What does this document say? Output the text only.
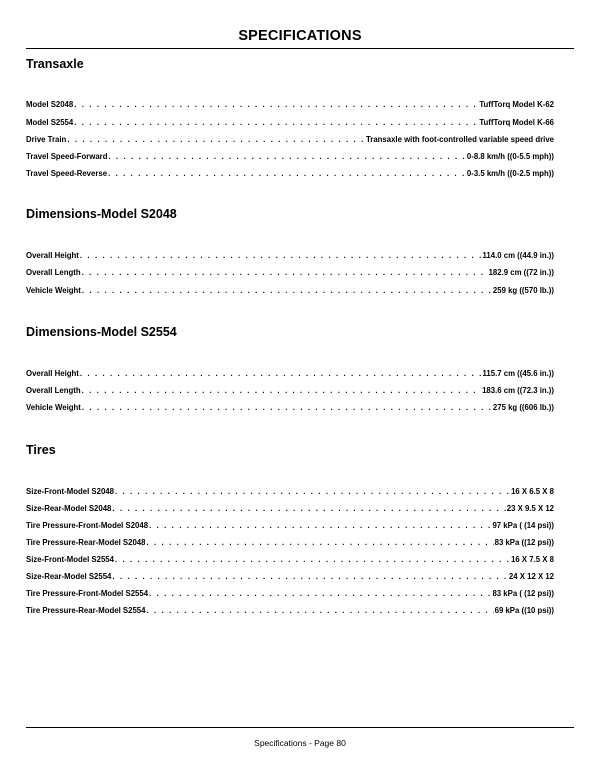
SPECIFICATIONS
Transaxle
Model S2048 . . .	TuffTorq Model K-62
Model S2554 . . .	TuffTorq Model K-66
Drive Train . . .	Transaxle with foot-controlled variable speed drive
Travel Speed-Forward . . .	0-8.8 km/h ((0-5.5 mph))
Travel Speed-Reverse . . .	0-3.5 km/h ((0-2.5 mph))
Dimensions-Model S2048
Overall Height . . .	114.0 cm ((44.9 in.))
Overall Length . . .	182.9 cm ((72 in.))
Vehicle Weight . . .	259 kg ((570 lb.))
Dimensions-Model S2554
Overall Height . . .	115.7 cm ((45.6 in.))
Overall Length . . .	183.6 cm ((72.3 in.))
Vehicle Weight . . .	275 kg ((606 lb.))
Tires
Size-Front-Model S2048 . . .	16 X 6.5 X 8
Size-Rear-Model S2048 . . .	23 X 9.5 X 12
Tire Pressure-Front-Model S2048 . . .	97 kPa ( (14 psi))
Tire Pressure-Rear-Model S2048 . . .	83 kPa ((12 psi))
Size-Front-Model S2554 . . .	16 X 7.5 X 8
Size-Rear-Model S2554 . . .	24 X 12 X 12
Tire Pressure-Front-Model S2554 . . .	83 kPa ( (12 psi))
Tire Pressure-Rear-Model S2554 . . .	69 kPa ((10 psi))
Specifications - Page 80
